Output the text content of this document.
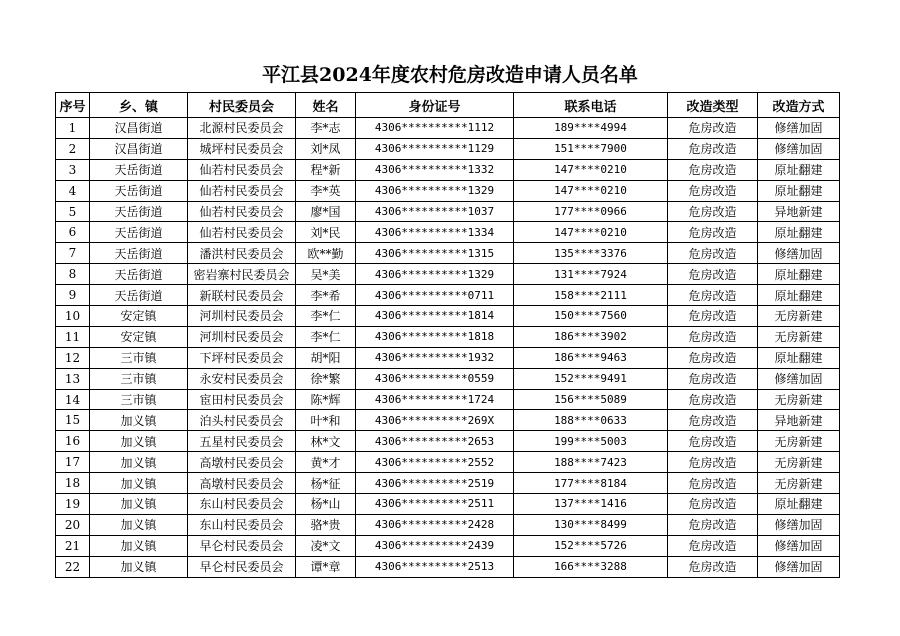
平江县2024年度农村危房改造申请人员名单
序号	乡、镇	村民委员会	姓名	身份证号	联系电话	改造类型	改造方式
1	汉昌街道	北源村民委员会	李*志	4306**********1112	189****4994	危房改造	修缮加固
2	汉昌街道	城坪村民委员会	刘*凤	4306**********1129	151****7900	危房改造	修缮加固
3	天岳街道	仙若村民委员会	程*新	4306**********1332	147****0210	危房改造	原址翻建
4	天岳街道	仙若村民委员会	李*英	4306**********1329	147****0210	危房改造	原址翻建
5	天岳街道	仙若村民委员会	廖*国	4306**********1037	177****0966	危房改造	异地新建
6	天岳街道	仙若村民委员会	刘*民	4306**********1334	147****0210	危房改造	原址翻建
7	天岳街道	潘洪村民委员会	欧**勤	4306**********1315	135****3376	危房改造	修缮加固
8	天岳街道	密岩寨村民委员会	吴*美	4306**********1329	131****7924	危房改造	原址翻建
9	天岳街道	新联村民委员会	李*希	4306**********0711	158****2111	危房改造	原址翻建
10	安定镇	河圳村民委员会	李*仁	4306**********1814	150****7560	危房改造	无房新建
11	安定镇	河圳村民委员会	李*仁	4306**********1818	186****3902	危房改造	无房新建
12	三市镇	下坪村民委员会	胡*阳	4306**********1932	186****9463	危房改造	原址翻建
13	三市镇	永安村民委员会	徐*繁	4306**********0559	152****9491	危房改造	修缮加固
14	三市镇	宦田村民委员会	陈*辉	4306**********1724	156****5089	危房改造	无房新建
15	加义镇	泊头村民委员会	叶*和	4306**********269X	188****0633	危房改造	异地新建
16	加义镇	五星村民委员会	林*文	4306**********2653	199****5003	危房改造	无房新建
17	加义镇	高墩村民委员会	黄*才	4306**********2552	188****7423	危房改造	无房新建
18	加义镇	高墩村民委员会	杨*征	4306**********2519	177****8184	危房改造	无房新建
19	加义镇	东山村民委员会	杨*山	4306**********2511	137****1416	危房改造	原址翻建
20	加义镇	东山村民委员会	骆*贵	4306**********2428	130****8499	危房改造	修缮加固
21	加义镇	早仑村民委员会	凌*文	4306**********2439	152****5726	危房改造	修缮加固
22	加义镇	早仑村民委员会	谭*章	4306**********2513	166****3288	危房改造	修缮加固
